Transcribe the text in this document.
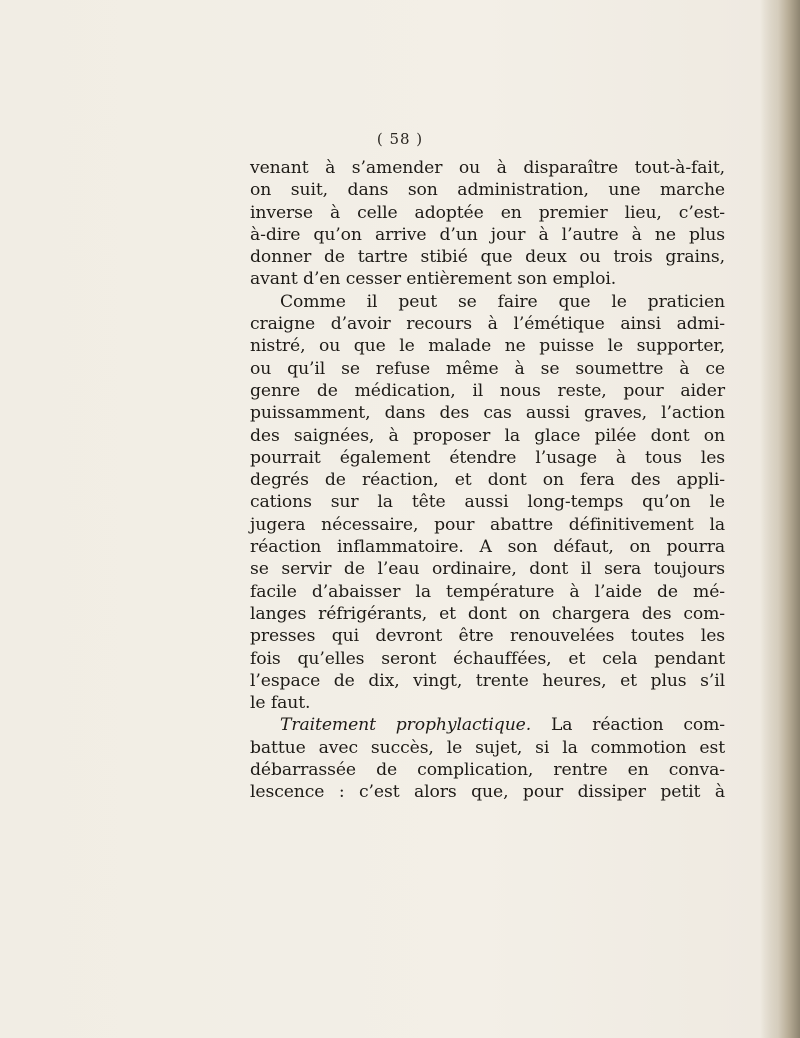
( 58 )
venant à s’amender ou à disparaître tout-à-fait,
on suit, dans son administration, une marche
inverse à celle adoptée en premier lieu, c’est-
à-dire qu’on arrive d’un jour à l’autre à ne plus
donner de tartre stibié que deux ou trois grains,
avant d’en cesser entièrement son emploi.
Comme il peut se faire que le praticien
craigne d’avoir recours à l’émétique ainsi admi-
nistré, ou que le malade ne puisse le supporter,
ou qu’il se refuse même à se soumettre à ce
genre de médication, il nous reste, pour aider
puissamment, dans des cas aussi graves, l’action
des saignées, à proposer la glace pilée dont on
pourrait également étendre l’usage à tous les
degrés de réaction, et dont on fera des appli-
cations sur la tête aussi long-temps qu’on le
jugera nécessaire, pour abattre définitivement la
réaction inflammatoire. A son défaut, on pourra
se servir de l’eau ordinaire, dont il sera toujours
facile d’abaisser la température à l’aide de mé-
langes réfrigérants, et dont on chargera des com-
presses qui devront être renouvelées toutes les
fois qu’elles seront échauffées, et cela pendant
l’espace de dix, vingt, trente heures, et plus s’il
le faut.
Traitement prophylactique. La réaction com-
battue avec succès, le sujet, si la commotion est
débarrassée de complication, rentre en conva-
lescence : c’est alors que, pour dissiper petit à
